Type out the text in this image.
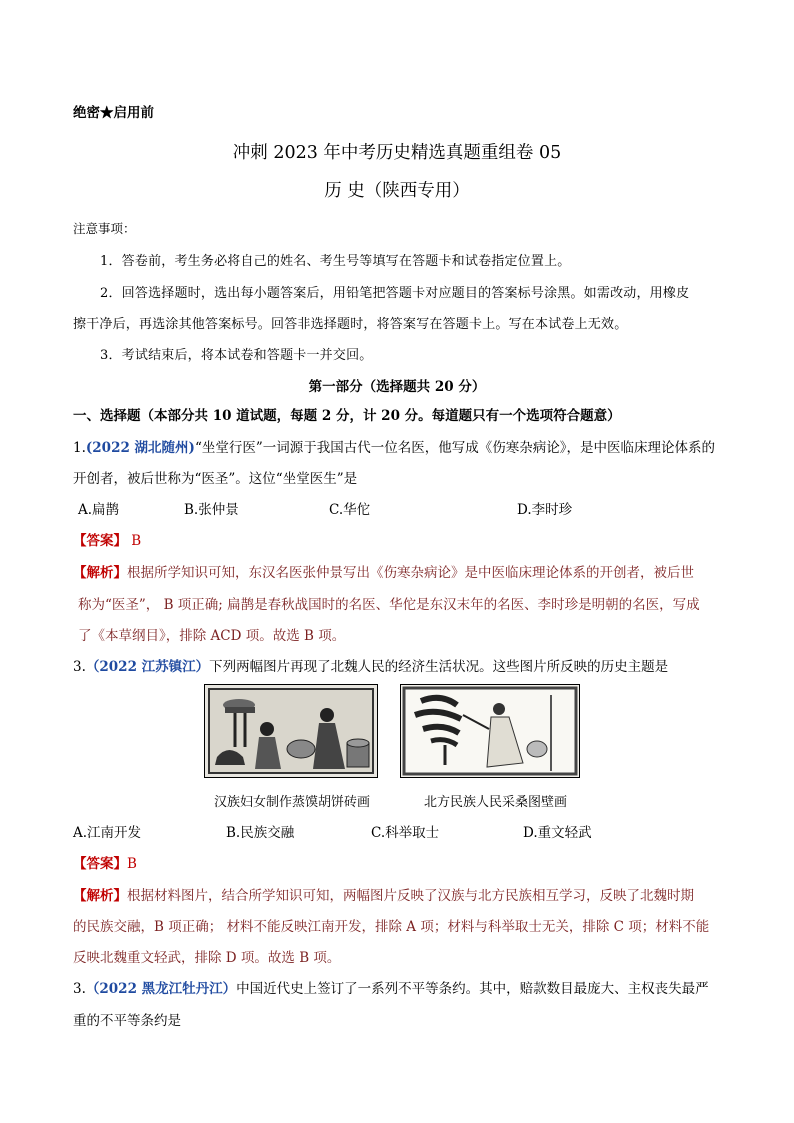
绝密★启用前
冲刺 2023 年中考历史精选真题重组卷 05
历 史（陕西专用）
注意事项：
1．答卷前，考生务必将自己的姓名、考生号等填写在答题卡和试卷指定位置上。
2．回答选择题时，选出每小题答案后，用铅笔把答题卡对应题目的答案标号涂黑。如需改动，用橡皮
擦干净后，再选涂其他答案标号。回答非选择题时，将答案写在答题卡上。写在本试卷上无效。
3．考试结束后，将本试卷和答题卡一并交回。
第一部分（选择题共 20 分）
一、选择题（本部分共 10 道试题，每题 2 分，计 20 分。每道题只有一个选项符合题意）
1.(2022 湖北随州)“坐堂行医”一词源于我国古代一位名医，他写成《伤寒杂病论》，是中医临床理论体系的
开创者，被后世称为“医圣”。这位“坐堂医生”是
A.扁鹊	B.张仲景	C.华佗	D.李时珍
【答案】 B
【解析】根据所学知识可知，东汉名医张仲景写出《伤寒杂病论》是中医临床理论体系的开创者，被后世
称为“医圣”， B 项正确; 扁鹊是春秋战国时的名医、华佗是东汉末年的名医、李时珍是明朝的名医，写成
了《本草纲目》，排除 ACD 项。故选 B 项。
3.（2022 江苏镇江）下列两幅图片再现了北魏人民的经济生活状况。这些图片所反映的历史主题是
汉族妇女制作蒸馍胡饼砖画	北方民族人民采桑图壁画
A.江南开发	B.民族交融	C.科举取士	D.重文轻武
【答案】B
【解析】根据材料图片，结合所学知识可知，两幅图片反映了汉族与北方民族相互学习，反映了北魏时期
的民族交融，B 项正确； 材料不能反映江南开发，排除 A 项；材料与科举取士无关，排除 C 项；材料不能
反映北魏重文轻武，排除 D 项。故选 B 项。
3.（2022 黑龙江牡丹江）中国近代史上签订了一系列不平等条约。其中，赔款数目最庞大、主权丧失最严
重的不平等条约是
